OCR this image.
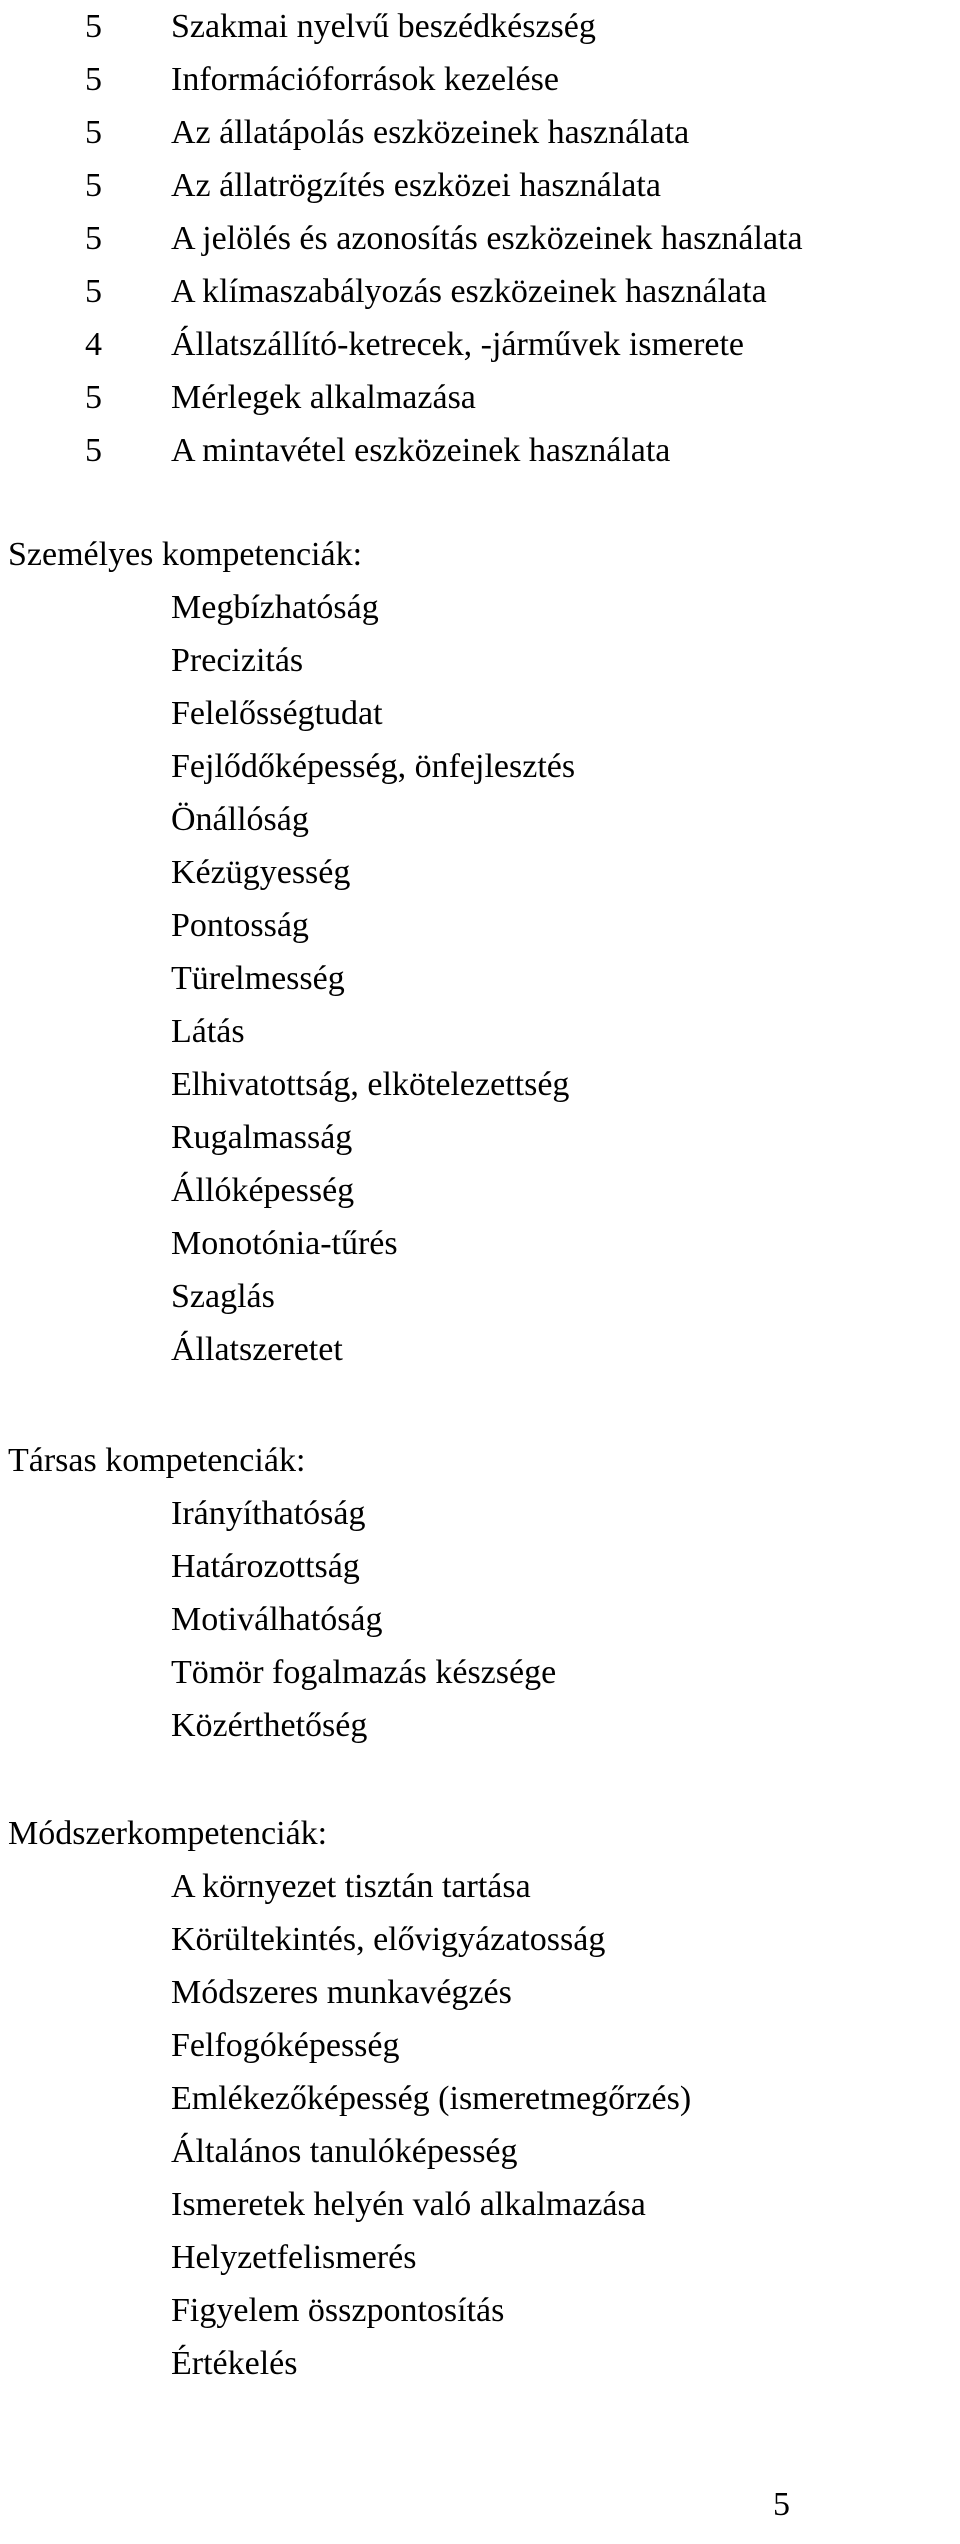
5 Szakmai nyelvű beszédkészség
5 Információforrások kezelése
5 Az állatápolás eszközeinek használata
5 Az állatrögzítés eszközei használata
5 A jelölés és azonosítás eszközeinek használata
5 A klímaszabályozás eszközeinek használata
4 Állatszállító-ketrecek, -járművek ismerete
5 Mérlegek alkalmazása
5 A mintavétel eszközeinek használata
Személyes kompetenciák:
Megbízhatóság
Precizitás
Felelősségtudat
Fejlődőképesség, önfejlesztés
Önállóság
Kézügyesség
Pontosság
Türelmesség
Látás
Elhivatottság, elkötelezettség
Rugalmasság
Állóképesség
Monotónia-tűrés
Szaglás
Állatszeretet
Társas kompetenciák:
Irányíthatóság
Határozottság
Motiválhatóság
Tömör fogalmazás készsége
Közérthetőség
Módszerkompetenciák:
A környezet tisztán tartása
Körültekintés, elővigyázatosság
Módszeres munkavégzés
Felfogóképesség
Emlékezőképesség (ismeretmegőrzés)
Általános tanulóképesség
Ismeretek helyén való alkalmazása
Helyzetfelismerés
Figyelem összpontosítás
Értékelés
5
